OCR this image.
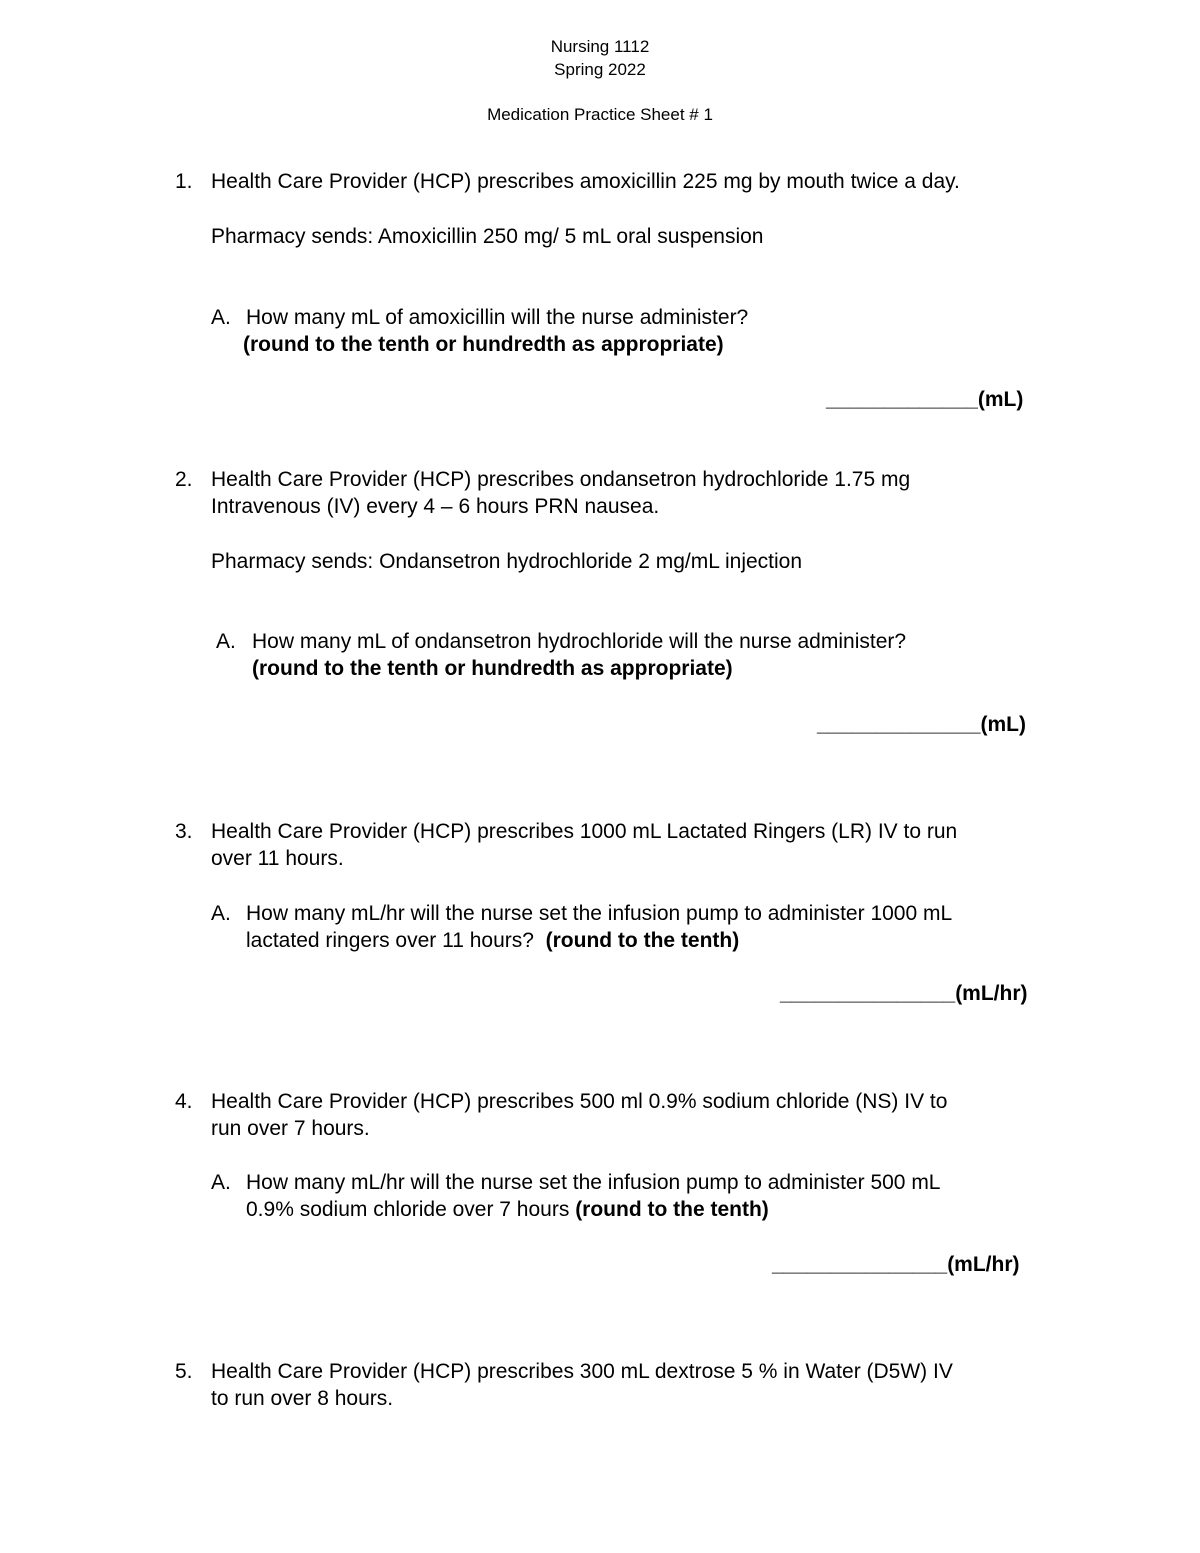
Nursing 1112
Spring 2022
Medication Practice Sheet # 1
1. Health Care Provider (HCP) prescribes amoxicillin 225 mg by mouth twice a day.
Pharmacy sends: Amoxicillin 250 mg/ 5 mL oral suspension
A. How many mL of amoxicillin will the nurse administer?
(round to the tenth or hundredth as appropriate)
_____________(mL)
2. Health Care Provider (HCP) prescribes ondansetron hydrochloride 1.75 mg
Intravenous (IV) every 4 – 6 hours PRN nausea.
Pharmacy sends: Ondansetron hydrochloride 2 mg/mL injection
A. How many mL of ondansetron hydrochloride will the nurse administer?
(round to the tenth or hundredth as appropriate)
______________(mL)
3. Health Care Provider (HCP) prescribes 1000 mL Lactated Ringers (LR) IV to run
over 11 hours.
A. How many mL/hr will the nurse set the infusion pump to administer 1000 mL
lactated ringers over 11 hours? (round to the tenth)
_______________(mL/hr)
4. Health Care Provider (HCP) prescribes 500 ml 0.9% sodium chloride (NS) IV to
run over 7 hours.
A. How many mL/hr will the nurse set the infusion pump to administer 500 mL
0.9% sodium chloride over 7 hours (round to the tenth)
_______________(mL/hr)
5. Health Care Provider (HCP) prescribes 300 mL dextrose 5 % in Water (D5W) IV
to run over 8 hours.
